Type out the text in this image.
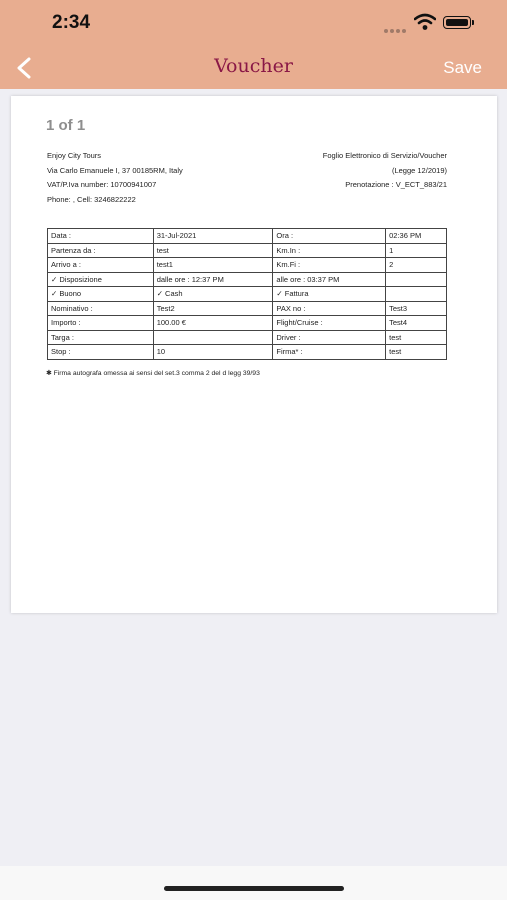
2:34
Voucher	Save
1 of 1
Enjoy City Tours
Via Carlo Emanuele I, 37 00185RM, Italy
VAT/P.Iva number: 10700941007
Phone: , Cell: 3246822222
Foglio Elettronico di Servizio/Voucher
(Legge 12/2019)
Prenotazione : V_ECT_883/21
Data :	31-Jul-2021	Ora :	02:36 PM
Partenza da :	test	Km.In :	1
Arrivo a :	test1	Km.Fi :	2
✓ Disposizione	dalle ore : 12:37 PM	alle ore : 03:37 PM	
✓ Buono	✓ Cash	✓ Fattura	
Nominativo :	Test2	PAX no :	Test3
Importo :	100.00 €	Flight/Cruise :	Test4
Targa :		Driver :	test
Stop :	10	Firma* :	test
✱ Firma autografa omessa ai sensi del set.3 comma 2 del d legg 39/93
